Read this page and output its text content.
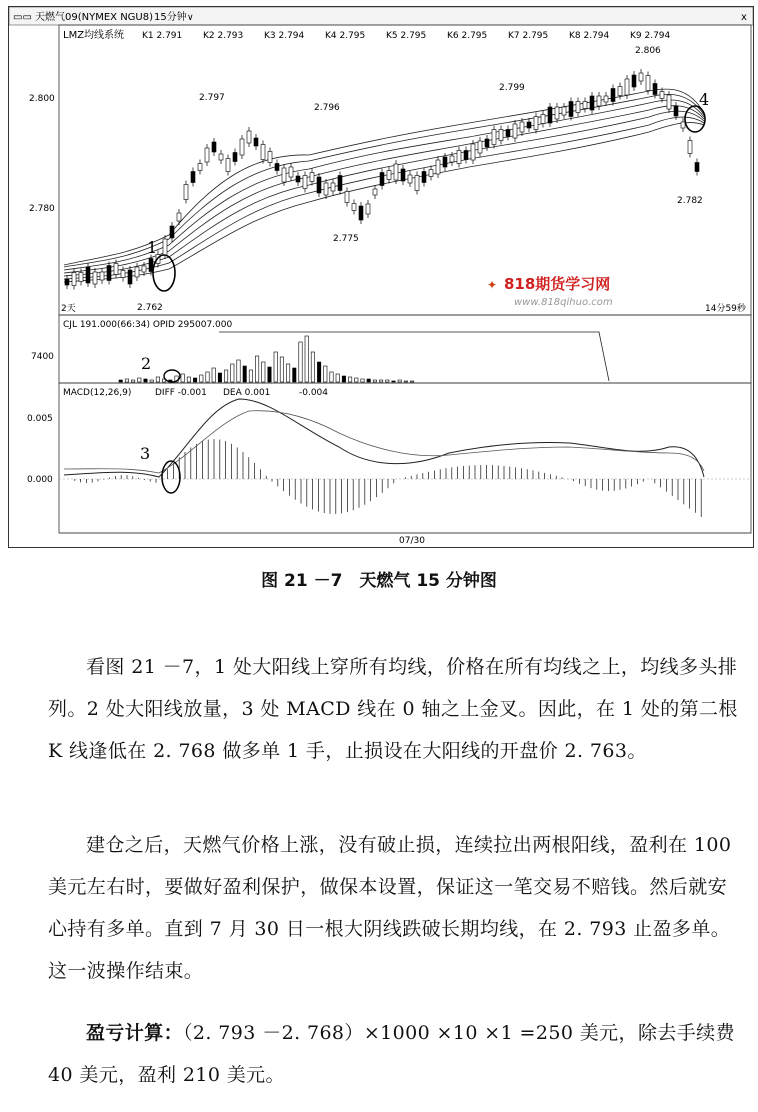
▭▭ 天燃气09(NYMEX NGU8) 15分钟 ∨	x
LMZ均线系统 K1 2.791 K2 2.793 K3 2.794 K4 2.795 K5 2.795 K6 2.795 K7 2.795 K8 2.794 K9 2.794
2.800
2.780
2.797
2.796
2.799
2.806
2.775
2.762
2.782
1
4
2天	14分59秒
✦ 818期货学习网
www.818qihuo.com
CJL 191.000(66:34) OPID 295007.000
7400	2
MACD(12,26,9)	DIFF -0.001 DEA 0.001	-0.004
0.005
0.000
3
07/30
图 21 －7　天燃气 15 分钟图

看图 21 －7，1 处大阳线上穿所有均线，价格在所有均线之上，均线多头排列。2 处大阳线放量，3 处 MACD 线在 0 轴之上金叉。因此，在 1 处的第二根 K 线逢低在 2. 768 做多单 1 手，止损设在大阳线的开盘价 2. 763。

建仓之后，天燃气价格上涨，没有破止损，连续拉出两根阳线，盈利在 100 美元左右时，要做好盈利保护，做保本设置，保证这一笔交易不赔钱。然后就安心持有多单。直到 7 月 30 日一根大阴线跌破长期均线，在 2. 793 止盈多单。这一波操作结束。

盈亏计算：（2. 793 －2. 768）×1000 ×10 ×1 =250 美元，除去手续费 40 美元，盈利 210 美元。
